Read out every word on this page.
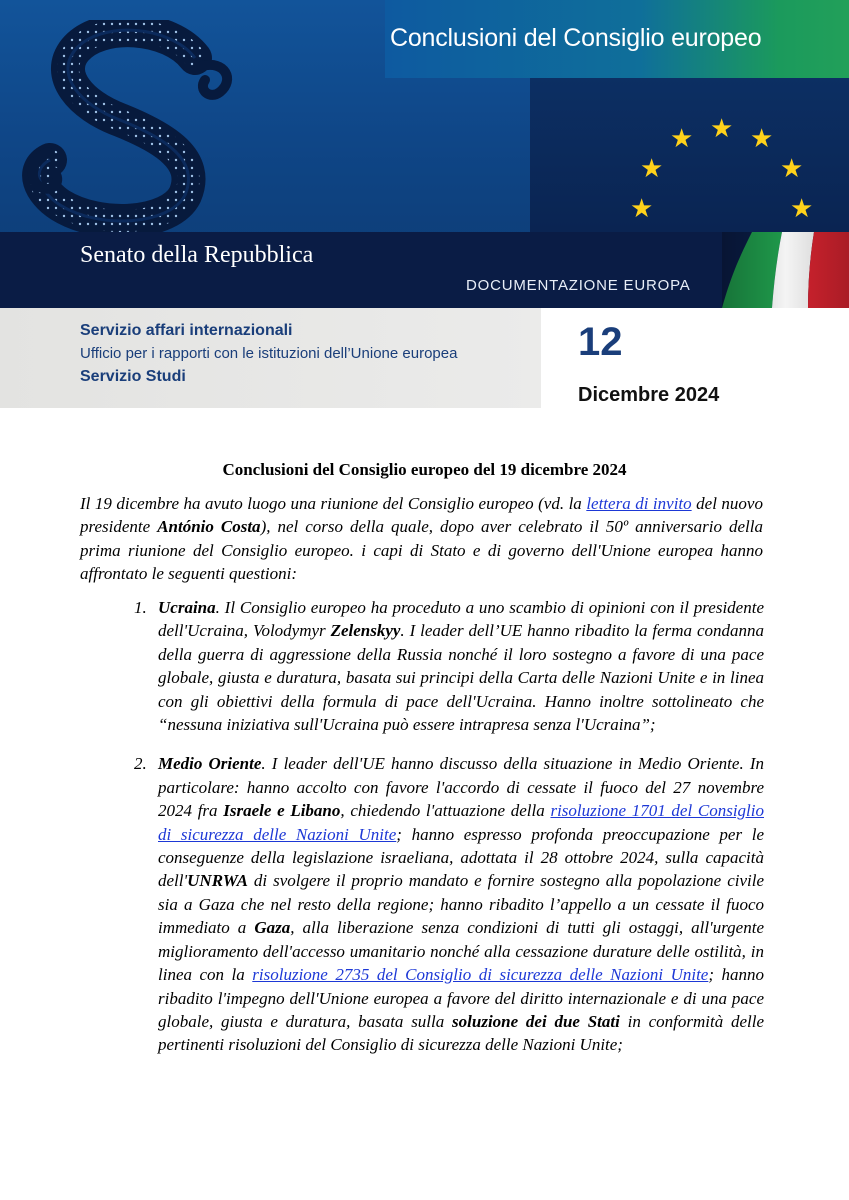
Conclusioni del Consiglio europeo
★
★ ★
★	★
★	★
Senato della Repubblica
DOCUMENTAZIONE EUROPA
Servizio affari internazionali
Ufficio per i rapporti con le istituzioni dell’Unione europea
Servizio Studi
12
Dicembre 2024
Conclusioni del Consiglio europeo del 19 dicembre 2024

Il 19 dicembre ha avuto luogo una riunione del Consiglio europeo (vd. la lettera di invito del nuovo presidente António Costa), nel corso della quale, dopo aver celebrato il 50º anniversario della prima riunione del Consiglio europeo. i capi di Stato e di governo dell'Unione europea hanno affrontato le seguenti questioni:

1. Ucraina. Il Consiglio europeo ha proceduto a uno scambio di opinioni con il presidente dell'Ucraina, Volodymyr Zelenskyy. I leader dell’UE hanno ribadito la ferma condanna della guerra di aggressione della Russia nonché il loro sostegno a favore di una pace globale, giusta e duratura, basata sui principi della Carta delle Nazioni Unite e in linea con gli obiettivi della formula di pace dell'Ucraina. Hanno inoltre sottolineato che “nessuna iniziativa sull'Ucraina può essere intrapresa senza l'Ucraina”;
2. Medio Oriente. I leader dell'UE hanno discusso della situazione in Medio Oriente. In particolare: hanno accolto con favore l'accordo di cessate il fuoco del 27 novembre 2024 fra Israele e Libano, chiedendo l'attuazione della risoluzione 1701 del Consiglio di sicurezza delle Nazioni Unite; hanno espresso profonda preoccupazione per le conseguenze della legislazione israeliana, adottata il 28 ottobre 2024, sulla capacità dell'UNRWA di svolgere il proprio mandato e fornire sostegno alla popolazione civile sia a Gaza che nel resto della regione; hanno ribadito l’appello a un cessate il fuoco immediato a Gaza, alla liberazione senza condizioni di tutti gli ostaggi, all'urgente miglioramento dell'accesso umanitario nonché alla cessazione durature delle ostilità, in linea con la risoluzione 2735 del Consiglio di sicurezza delle Nazioni Unite; hanno ribadito l'impegno dell'Unione europea a favore del diritto internazionale e di una pace globale, giusta e duratura, basata sulla soluzione dei due Stati in conformità delle pertinenti risoluzioni del Consiglio di sicurezza delle Nazioni Unite;
